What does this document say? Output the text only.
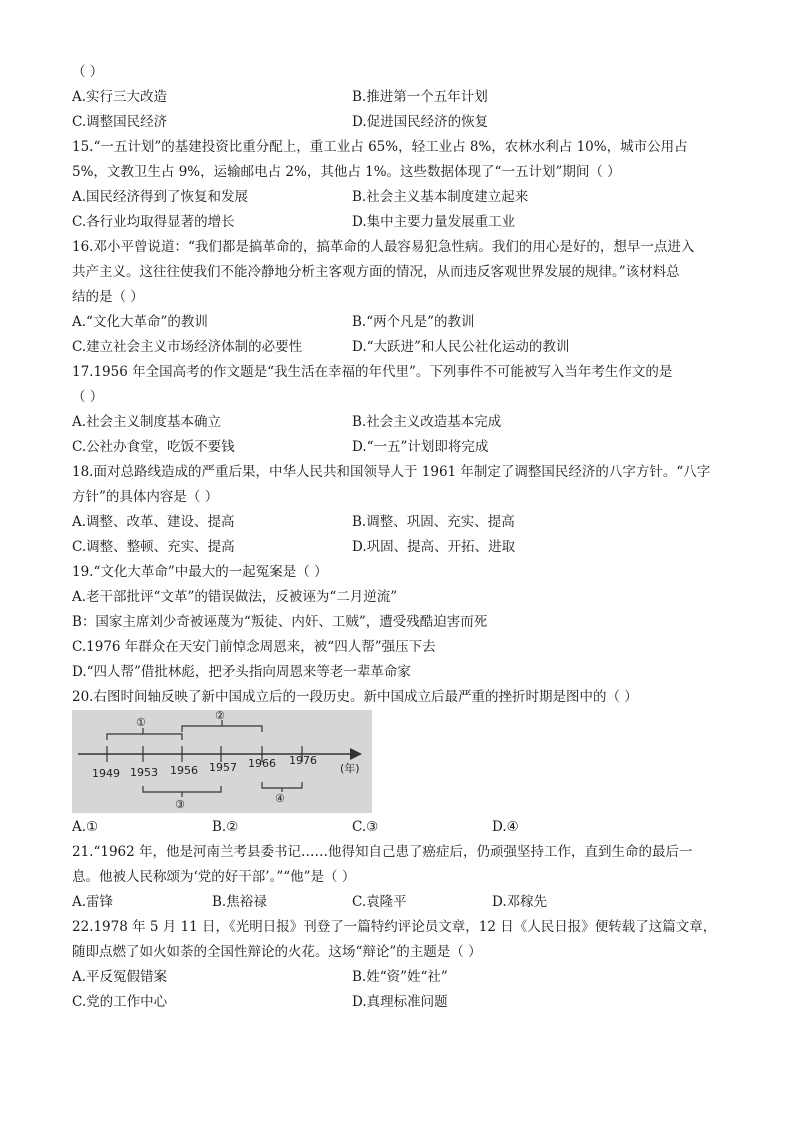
（ ）
A.实行三大改造	B.推进第一个五年计划
C.调整国民经济	D.促进国民经济的恢复
15.“一五计划”的基建投资比重分配上，重工业占 65%，轻工业占 8%，农林水利占 10%，城市公用占
5%，文教卫生占 9%，运输邮电占 2%，其他占 1%。这些数据体现了“一五计划”期间（ ）
A.国民经济得到了恢复和发展	B.社会主义基本制度建立起来
C.各行业均取得显著的增长	D.集中主要力量发展重工业
16.邓小平曾说道：“我们都是搞革命的，搞革命的人最容易犯急性病。我们的用心是好的，想早一点进入
共产主义。这往往使我们不能冷静地分析主客观方面的情况，从而违反客观世界发展的规律。”该材料总
结的是（ ）
A.“文化大革命”的教训	B.“两个凡是”的教训
C.建立社会主义市场经济体制的必要性	D.“大跃进”和人民公社化运动的教训
17.1956 年全国高考的作文题是“我生活在幸福的年代里”。下列事件不可能被写入当年考生作文的是
（ ）
A.社会主义制度基本确立	B.社会主义改造基本完成
C.公社办食堂，吃饭不要钱	D.“一五”计划即将完成
18.面对总路线造成的严重后果，中华人民共和国领导人于 1961 年制定了调整国民经济的八字方针。“八字
方针”的具体内容是（ ）
A.调整、改革、建设、提高	B.调整、巩固、充实、提高
C.调整、整顿、充实、提高	D.巩固、提高、开拓、进取
19.“文化大革命”中最大的一起冤案是（ ）
A.老干部批评“文革”的错误做法，反被诬为“二月逆流”
B：国家主席刘少奇被诬蔑为“叛徒、内奸、工贼”，遭受残酷迫害而死
C.1976 年群众在天安门前悼念周恩来，被“四人帮”强压下去
D.“四人帮”借批林彪，把矛头指向周恩来等老一辈革命家
20.右图时间轴反映了新中国成立后的一段历史。新中国成立后最严重的挫折时期是图中的（ ）
①
②
③	④
1949 1953 1956 1957 1966 1976
(年)
A.①	B.②	C.③	D.④
21.“1962 年，他是河南兰考县委书记……他得知自己患了癌症后，仍顽强坚持工作，直到生命的最后一
息。他被人民称颂为‘党的好干部’。”“他”是（ ）
A.雷锋	B.焦裕禄	C.袁隆平	D.邓稼先
22.1978 年 5 月 11 日，《光明日报》刊登了一篇特约评论员文章，12 日《人民日报》便转载了这篇文章，
随即点燃了如火如荼的全国性辩论的火花。这场“辩论”的主题是（ ）
A.平反冤假错案	B.姓“资”姓“社”
C.党的工作中心	D.真理标准问题
